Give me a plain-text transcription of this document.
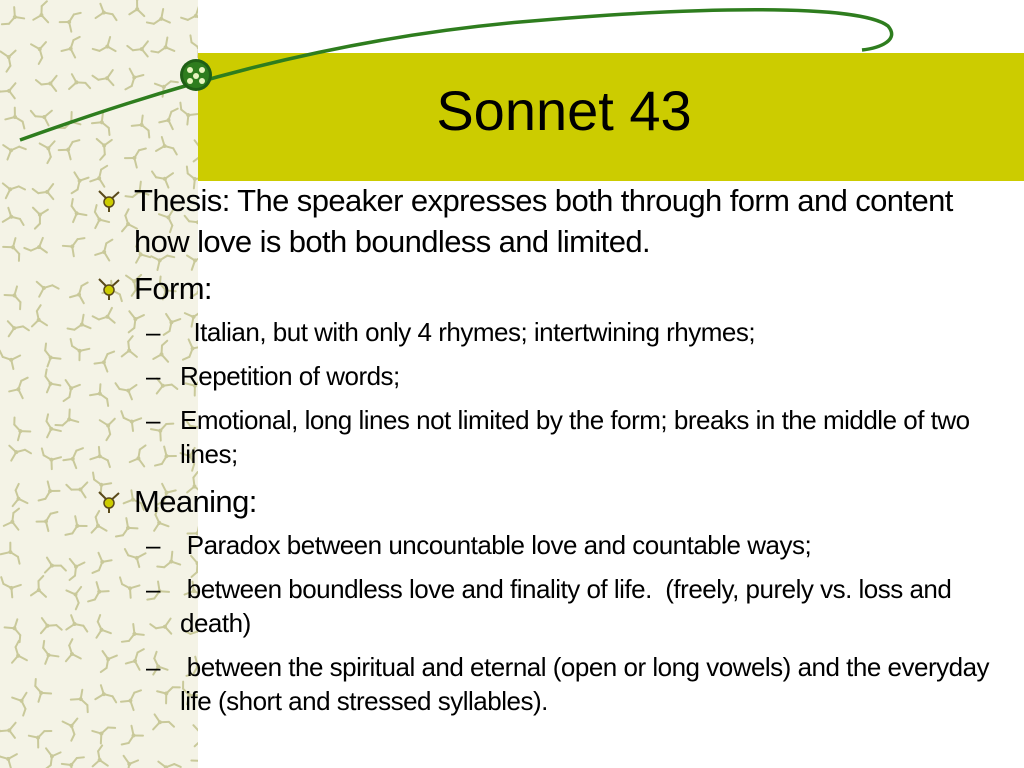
Sonnet 43
Thesis: The speaker expresses both through form and content how love is both boundless and limited.
Form:
– Italian, but with only 4 rhymes; intertwining rhymes;
– Repetition of words;
– Emotional, long lines not limited by the form; breaks in the middle of two lines;
Meaning:
– Paradox between uncountable love and countable ways;
– between boundless love and finality of life.  (freely, purely vs. loss and death)
– between the spiritual and eternal (open or long vowels) and the everyday life (short and stressed syllables).
